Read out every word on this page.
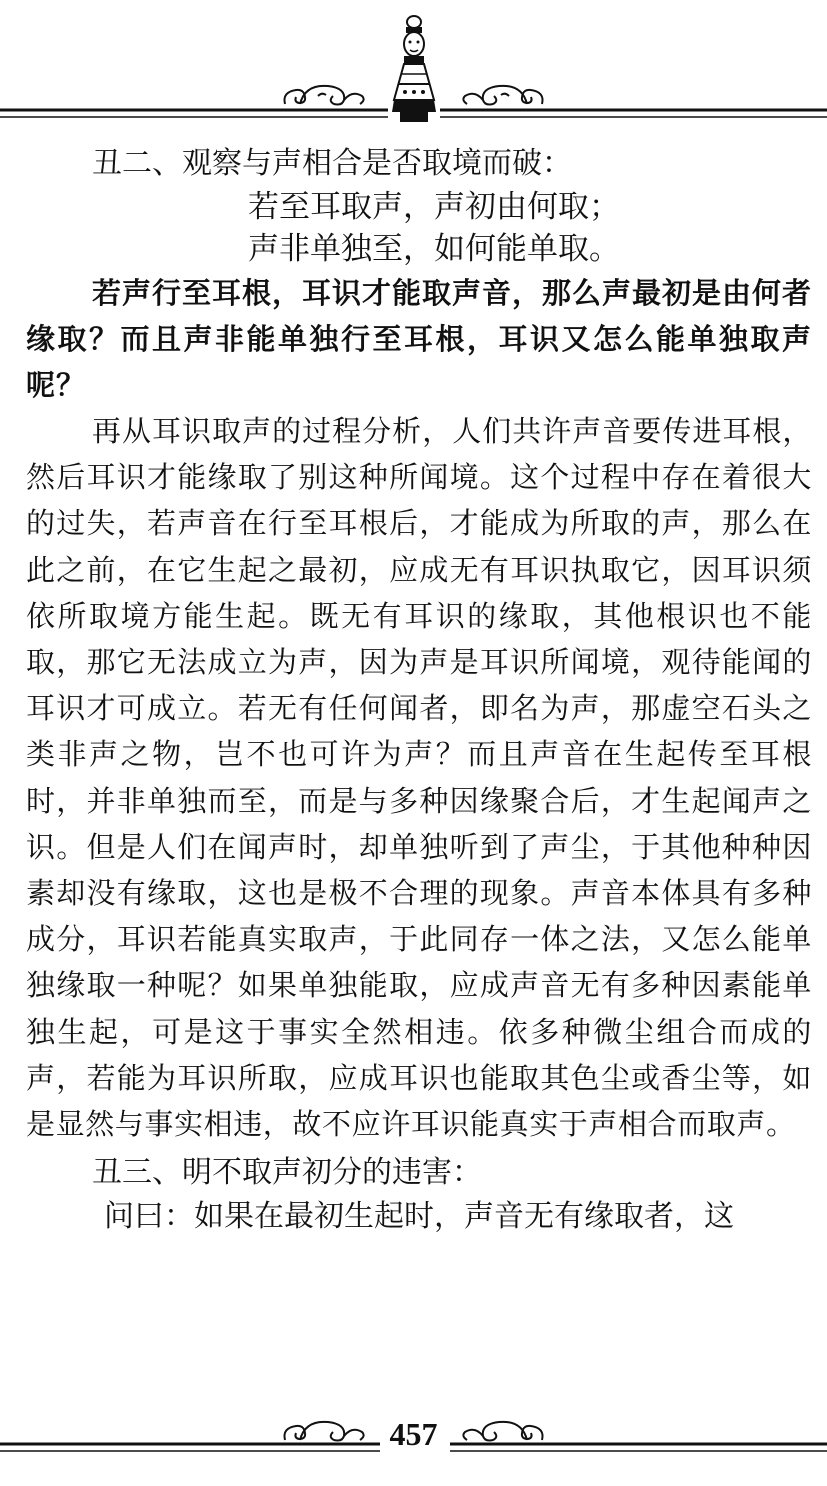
丑二、观察与声相合是否取境而破：

若至耳取声，声初由何取；

声非单独至，如何能单取。

若声行至耳根，耳识才能取声音，那么声最初是由何者缘取？而且声非能单独行至耳根，耳识又怎么能单独取声呢？

再从耳识取声的过程分析，人们共许声音要传进耳根，然后耳识才能缘取了别这种所闻境。这个过程中存在着很大的过失，若声音在行至耳根后，才能成为所取的声，那么在此之前，在它生起之最初，应成无有耳识执取它，因耳识须依所取境方能生起。既无有耳识的缘取，其他根识也不能取，那它无法成立为声，因为声是耳识所闻境，观待能闻的耳识才可成立。若无有任何闻者，即名为声，那虚空石头之类非声之物，岂不也可许为声？而且声音在生起传至耳根时，并非单独而至，而是与多种因缘聚合后，才生起闻声之识。但是人们在闻声时，却单独听到了声尘，于其他种种因素却没有缘取，这也是极不合理的现象。声音本体具有多种成分，耳识若能真实取声，于此同存一体之法，又怎么能单独缘取一种呢？如果单独能取，应成声音无有多种因素能单独生起，可是这于事实全然相违。依多种微尘组合而成的声，若能为耳识所取，应成耳识也能取其色尘或香尘等，如是显然与事实相违，故不应许耳识能真实于声相合而取声。

丑三、明不取声初分的违害：

问曰：如果在最初生起时，声音无有缘取者，这

457
